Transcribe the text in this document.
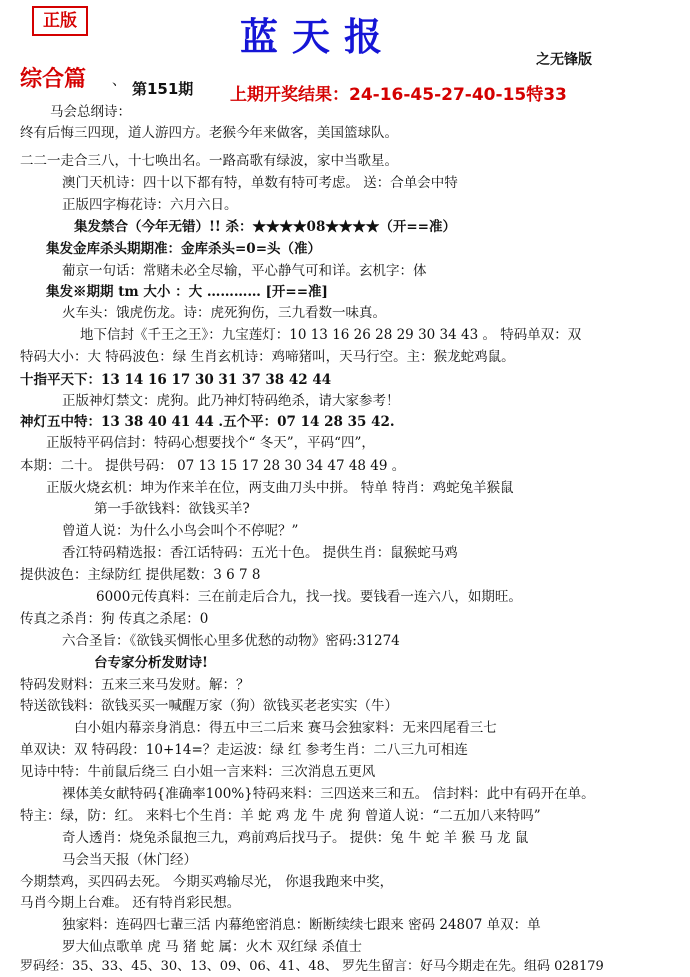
正版	蓝天报
之无锋版
综合篇 、 第151期 上期开奖结果：24-16-45-27-40-15特33
马会总纲诗：
终有后悔三四现，道人游四方。老猴今年来做客，美国篮球队。
二二一走合三八，十七唤出名。一路高歌有绿波，家中当歌星。
澳门天机诗：四十以下都有特，单数有特可考虑。 送：合单会中特
正版四字梅花诗：六月六日。
集发禁合（今年无错）!! 杀：★★★★08★★★★（开==准）
集发金库杀头期期准：金库杀头=0=头（准）
葡京一句话：常赌未必全尽输，平心静气可和详。玄机字：体
集发※期期 tm 大小 ：大 ………… [开==准]
火车头：饿虎伤龙。诗：虎死狗伤，三九看数一味真。
地下信封《千王之王》：九宝莲灯：10 13 16 26 28 29 30 34 43 。 特码单双：双
特码大小：大 特码波色：绿 生肖玄机诗：鸡啼猪叫，天马行空。主：猴龙蛇鸡鼠。
十指平天下：13 14 16 17 30 31 37 38 42 44
正版神灯禁文：虎狗。此乃神灯特码绝杀，请大家参考！
神灯五中特：13 38 40 41 44 .五个平：07 14 28 35 42.
正版特平码信封：特码心想要找个“ 冬天”，平码“四”，
本期：二十。 提供号码： 07 13 15 17 28 30 34 47 48 49 。
正版火烧玄机：坤为作来羊在位，两支曲刀头中拼。 特单 特肖：鸡蛇兔羊猴鼠
第一手欲钱料：欲钱买羊?
曾道人说：为什么小鸟会叫个不停呢？”
香江特码精选报：香江话特码：五光十色。 提供生肖：鼠猴蛇马鸡
提供波色：主绿防红 提供尾数：3 6 7 8
6000元传真料：三在前走后合九，找一找。要钱看一连六八，如期旺。
传真之杀肖：狗 传真之杀尾：0
六合圣旨：《欲钱买惆怅心里多优愁的动物》密码:31274
台专家分析发财诗!
特码发财料：五来三来马发财。解：？
特送欲钱料：欲钱买买一喊醒万家（狗）欲钱买老老实实（牛）
白小姐内幕亲身消息：得五中三二后来 赛马会独家料：无来四尾看三七
单双诀：双 特码段：10+14=？走运波：绿 红 参考生肖：二八三九可相连
见诗中特：牛前鼠后绕三 白小姐一言来料：三次消息五更风
裸体美女献特码{准确率100%}特码来料：三四送来三和五。 信封料：此中有码开在单。
特主：绿，防：红。 来料七个生肖：羊 蛇 鸡 龙 牛 虎 狗 曾道人说：“二五加八来特吗”
奇人透肖：烧兔杀鼠抱三九，鸡前鸡后找马子。 提供：兔 牛 蛇 羊 猴 马 龙 鼠
马会当天报（休门经）
今期禁鸡，买四码去死。 今期买鸡输尽光， 你退我跑来中奖，
马肖今期上台难。 还有特肖彩民想。
独家料：连码四七輩三活 内幕绝密消息：断断续续七跟来 密码 24807 单双：单
罗大仙点歌单 虎 马 猪 蛇 属：火木 双红绿 杀值士
罗码经：35、33、45、30、13、09、06、41、48、 罗先生留言：好马今期走在先。组码 028179
